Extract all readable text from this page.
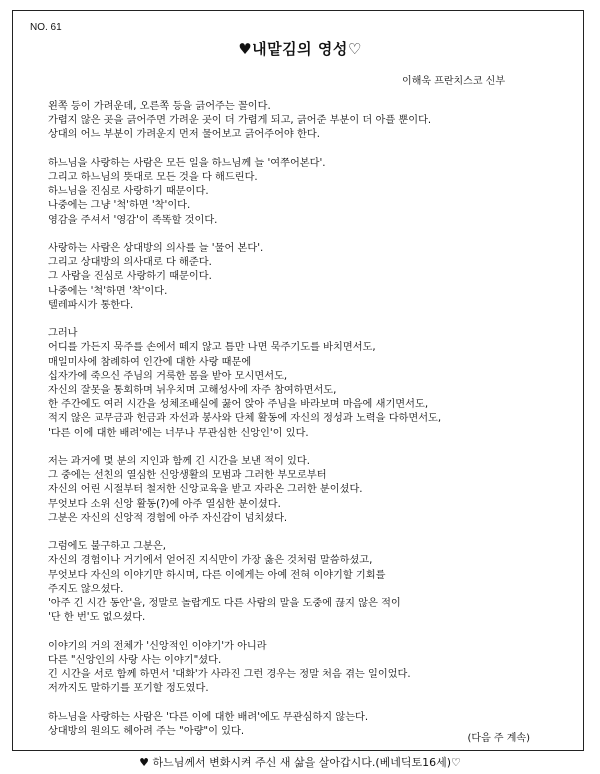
NO. 61
♥내맡김의 영성♡
이해욱 프란치스코 신부
왼쪽 등이 가려운데, 오른쪽 등을 긁어주는 꼴이다.
가렵지 않은 곳을 긁어주면 가려운 곳이 더 가렵게 되고, 긁어준 부분이 더 아플 뿐이다.
상대의 어느 부분이 가려운지 먼저 물어보고 긁어주어야 한다.
하느님을 사랑하는 사람은 모든 일을 하느님께 늘 '여쭈어본다'.
그리고 하느님의 뜻대로 모든 것을 다 해드린다.
하느님을 진심로 사랑하기 때문이다.
나중에는 그냥 '척'하면 '착'이다.
영감을 주셔서 '영감'이 족똑할 것이다.
사랑하는 사람은 상대방의 의사를 늘 '물어 본다'.
그리고 상대방의 의사대로 다 해준다.
그 사람을 진심로 사랑하기 때문이다.
나중에는 '척'하면 '착'이다.
텔레파시가 통한다.
그러나
어디를 가든지 묵주를 손에서 떼지 않고 틈만 나면 묵주기도를 바치면서도,
매일미사에 참례하여 인간에 대한 사랑 때문에
십자가에 죽으신 주님의 거룩한 몸을 받아 모시면서도,
자신의 잘못을 통회하며 뉘우치며 고해성사에 자주 참여하면서도,
한 주간에도 여러 시간을 성체조배실에 꿇어 앉아 주님을 바라보며 마음에 새기면서도,
적지 않은 교무금과 헌금과 자선과 봉사와 단체 활동에 자신의 정성과 노력을 다하면서도,
'다른 이에 대한 배려'에는 너무나 무관심한 신앙인'이 있다.
저는 과거에 몇 분의 지인과 함께 긴 시간을 보낸 적이 있다.
그 중에는 선친의 열심한 신앙생활의 모범과 그러한 부모로부터
자신의 어린 시절부터 철저한 신앙교육을 받고 자라온 그러한 분이셨다.
무엇보다 소위 신앙 활동(?)에 아주 열심한 분이셨다.
그분은 자신의 신앙적 경험에 아주 자신감이 넘치셨다.
그럼에도 불구하고 그분은,
자신의 경험이나 거기에서 얻어진 지식만이 가장 옳은 것처럼 말씀하셨고,
무엇보다 자신의 이야기만 하시며, 다른 이에게는 아예 전혀 이야기할 기회를
주지도 않으셨다.
'아주 긴 시간 동안'을, 정말로 놀랍게도 다른 사람의 말을 도중에 끊지 않은 적이
'단 한 번'도 없으셨다.
이야기의 거의 전체가 '신앙적인 이야기'가 아니라
다른 "신앙인의 사랑 사는 이야기"셨다.
긴 시간을 서로 함께 하면서 '대화'가 사라진 그런 경우는 정말 처음 겪는 일이었다.
저까지도 말하기를 포기할 정도였다.
하느님을 사랑하는 사람은 '다른 이에 대한 배려'에도 무관심하지 않는다.
상대방의 원의도 헤아려 주는 "아량"이 있다.
(다음 주 계속)
♥ 하느님께서 변화시켜 주신 새 삶을 살아갑시다.(베네딕토16세)♡
